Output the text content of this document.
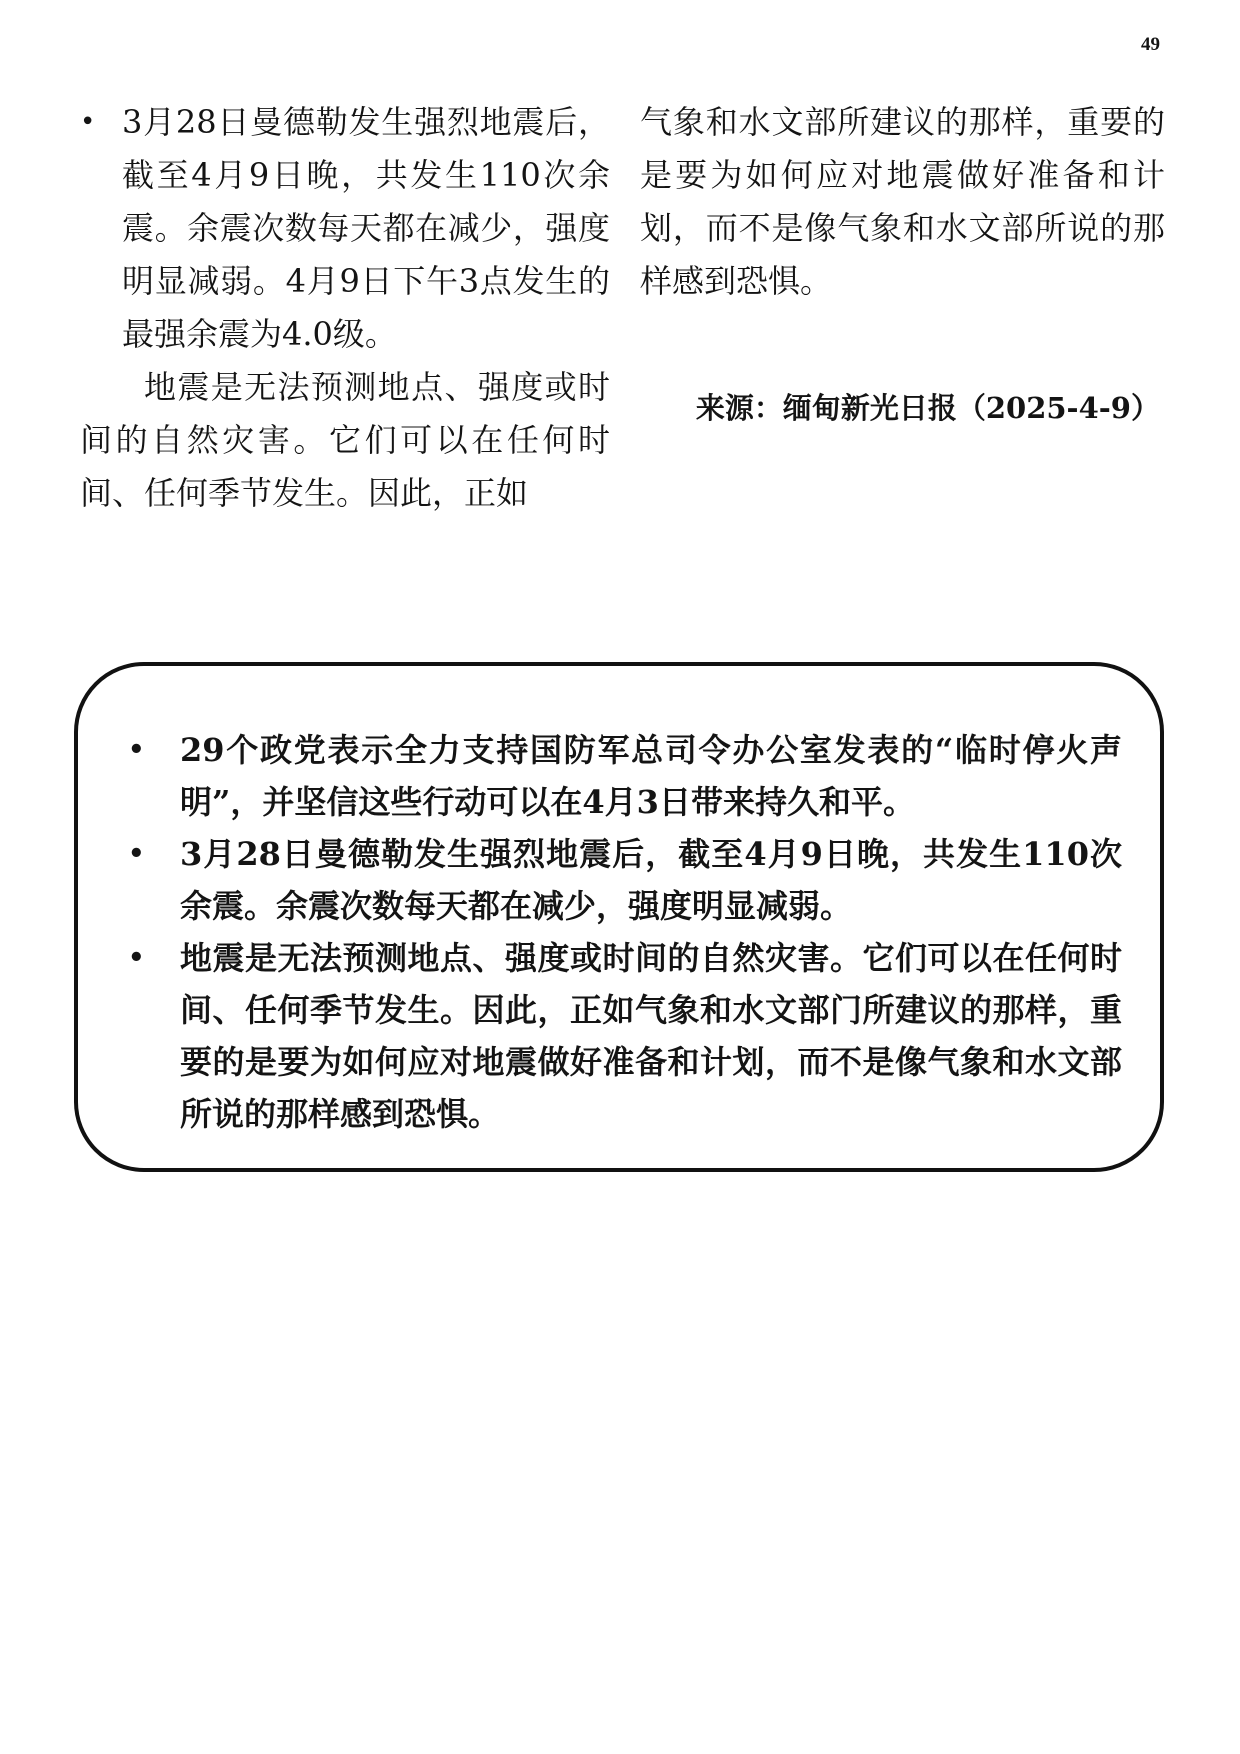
49
• 3月28日曼德勒发生强烈地震后，截至4月9日晚，共发生110次余震。余震次数每天都在减少，强度明显减弱。4月9日下午3点发生的最强余震为4.0级。
地震是无法预测地点、强度或时间的自然灾害。它们可以在任何时间、任何季节发生。因此，正如
气象和水文部所建议的那样，重要的是要为如何应对地震做好准备和计划，而不是像气象和水文部所说的那样感到恐惧。
来源：缅甸新光日报（2025-4-9）
• 29个政党表示全力支持国防军总司令办公室发表的“临时停火声明”，并坚信这些行动可以在4月3日带来持久和平。
• 3月28日曼德勒发生强烈地震后，截至4月9日晚，共发生110次余震。余震次数每天都在减少，强度明显减弱。
• 地震是无法预测地点、强度或时间的自然灾害。它们可以在任何时间、任何季节发生。因此，正如气象和水文部门所建议的那样，重要的是要为如何应对地震做好准备和计划，而不是像气象和水文部所说的那样感到恐惧。
